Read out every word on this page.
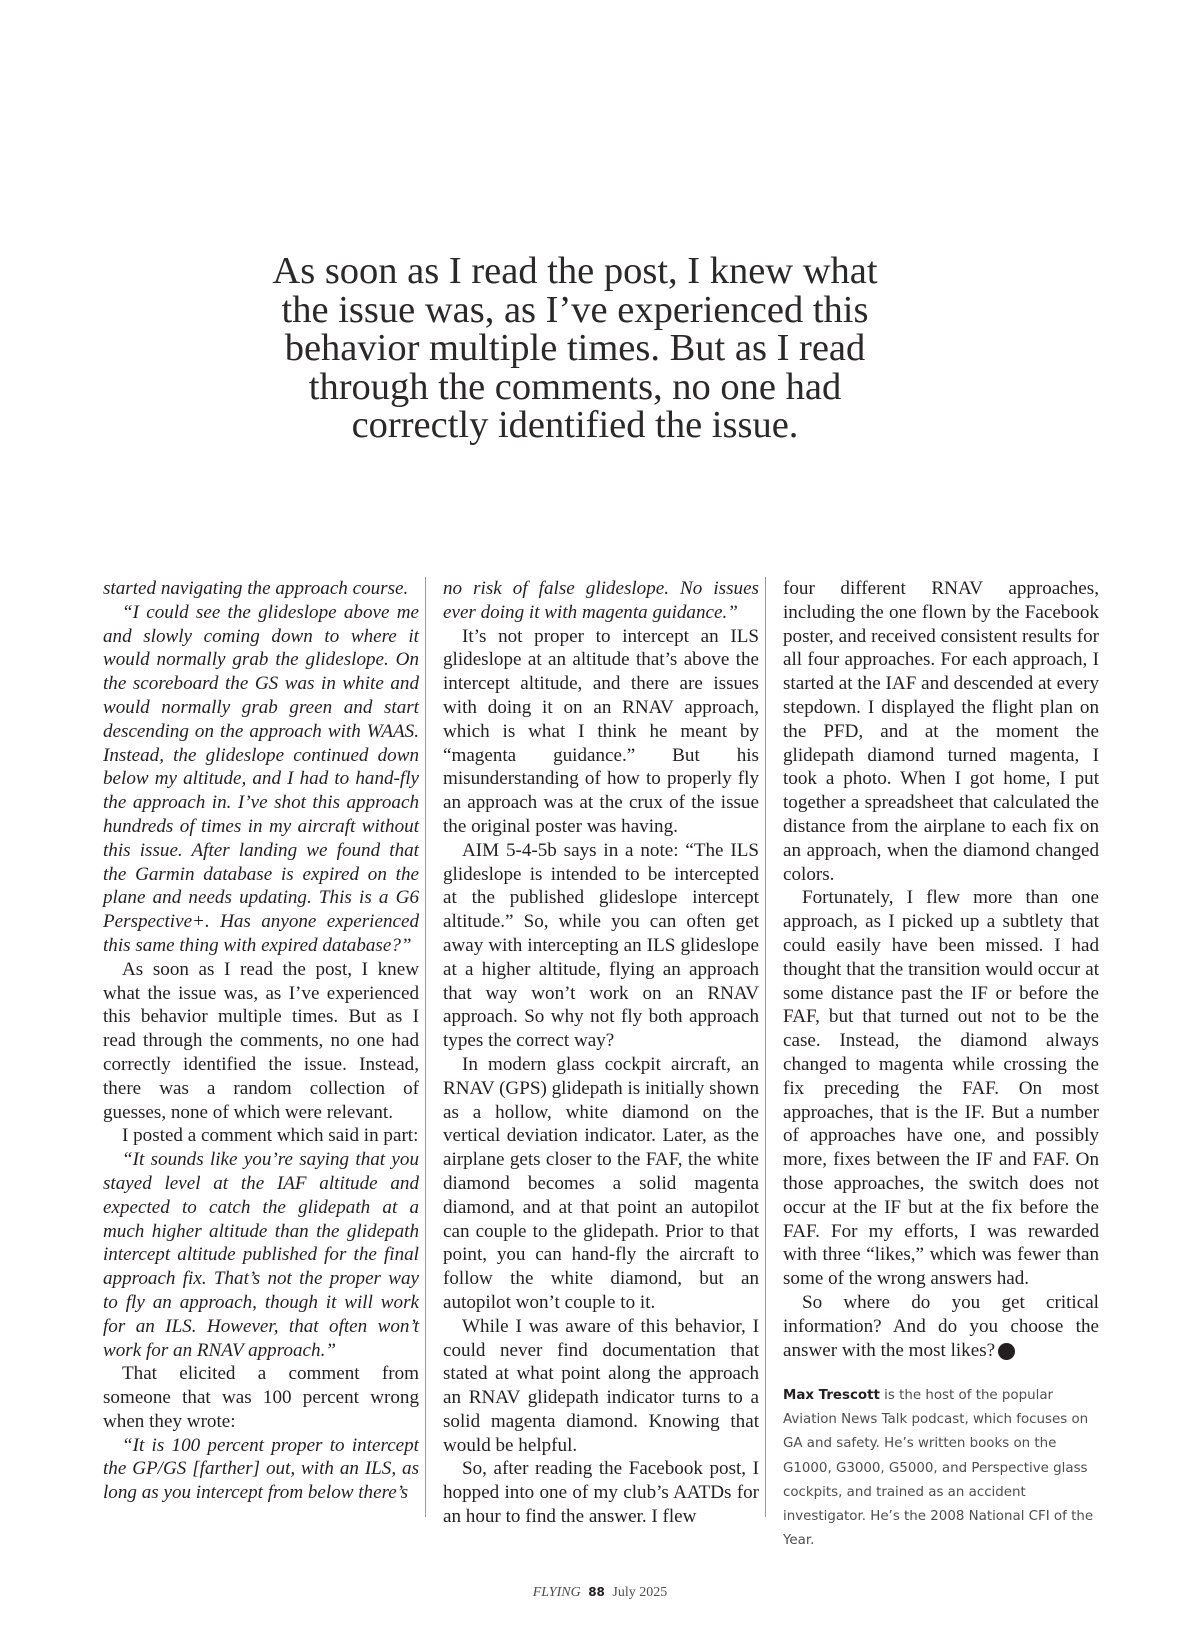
As soon as I read the post, I knew what
the issue was, as I’ve experienced this
behavior multiple times. But as I read
through the comments, no one had
correctly identified the issue.

started navigating the approach course.

“I could see the glideslope above me and slowly coming down to where it would normally grab the glideslope. On the scoreboard the GS was in white and would normally grab green and start descending on the approach with WAAS. Instead, the glideslope continued down below my altitude, and I had to hand-fly the approach in. I’ve shot this approach hundreds of times in my aircraft without this issue. After landing we found that the Garmin database is expired on the plane and needs updating. This is a G6 Perspective+. Has anyone experienced this same thing with expired database?”

As soon as I read the post, I knew what the issue was, as I’ve experienced this behavior multiple times. But as I read through the comments, no one had correctly identified the issue. Instead, there was a random collection of guesses, none of which were relevant.

I posted a comment which said in part:

“It sounds like you’re saying that you stayed level at the IAF altitude and expected to catch the glidepath at a much higher altitude than the glidepath intercept altitude published for the final approach fix. That’s not the proper way to fly an approach, though it will work for an ILS. However, that often won’t work for an RNAV approach.”

That elicited a comment from someone that was 100 percent wrong when they wrote:

“It is 100 percent proper to intercept the GP/GS [farther] out, with an ILS, as long as you intercept from below there’s

no risk of false glideslope. No issues ever doing it with magenta guidance.”

It’s not proper to intercept an ILS glideslope at an altitude that’s above the intercept altitude, and there are issues with doing it on an RNAV approach, which is what I think he meant by “magenta guidance.” But his misunderstanding of how to properly fly an approach was at the crux of the issue the original poster was having.

AIM 5-4-5b says in a note: “The ILS glideslope is intended to be intercepted at the published glideslope intercept altitude.” So, while you can often get away with intercepting an ILS glideslope at a higher altitude, flying an approach that way won’t work on an RNAV approach. So why not fly both approach types the correct way?

In modern glass cockpit aircraft, an RNAV (GPS) glidepath is initially shown as a hollow, white diamond on the vertical deviation indicator. Later, as the airplane gets closer to the FAF, the white diamond becomes a solid magenta diamond, and at that point an autopilot can couple to the glidepath. Prior to that point, you can hand-fly the aircraft to follow the white diamond, but an autopilot won’t couple to it.

While I was aware of this behavior, I could never find documentation that stated at what point along the approach an RNAV glidepath indicator turns to a solid magenta diamond. Knowing that would be helpful.

So, after reading the Facebook post, I hopped into one of my club’s AATDs for an hour to find the answer. I flew

four different RNAV approaches, including the one flown by the Facebook poster, and received consistent results for all four approaches. For each approach, I started at the IAF and descended at every stepdown. I displayed the flight plan on the PFD, and at the moment the glidepath diamond turned magenta, I took a photo. When I got home, I put together a spreadsheet that calculated the distance from the airplane to each fix on an approach, when the diamond changed colors.

Fortunately, I flew more than one approach, as I picked up a subtlety that could easily have been missed. I had thought that the transition would occur at some distance past the IF or before the FAF, but that turned out not to be the case. Instead, the diamond always changed to magenta while crossing the fix preceding the FAF. On most approaches, that is the IF. But a number of approaches have one, and possibly more, fixes between the IF and FAF. On those approaches, the switch does not occur at the IF but at the fix before the FAF. For my efforts, I was rewarded with three “likes,” which was fewer than some of the wrong answers had.

So where do you get critical information? And do you choose the answer with the most likes? F

Max Trescott is the host of the popular Aviation News Talk podcast, which focuses on GA and safety. He’s written books on the G1000, G3000, G5000, and Perspective glass cockpits, and trained as an accident investigator. He’s the 2008 National CFI of the Year.
FLYING 88 July 2025
